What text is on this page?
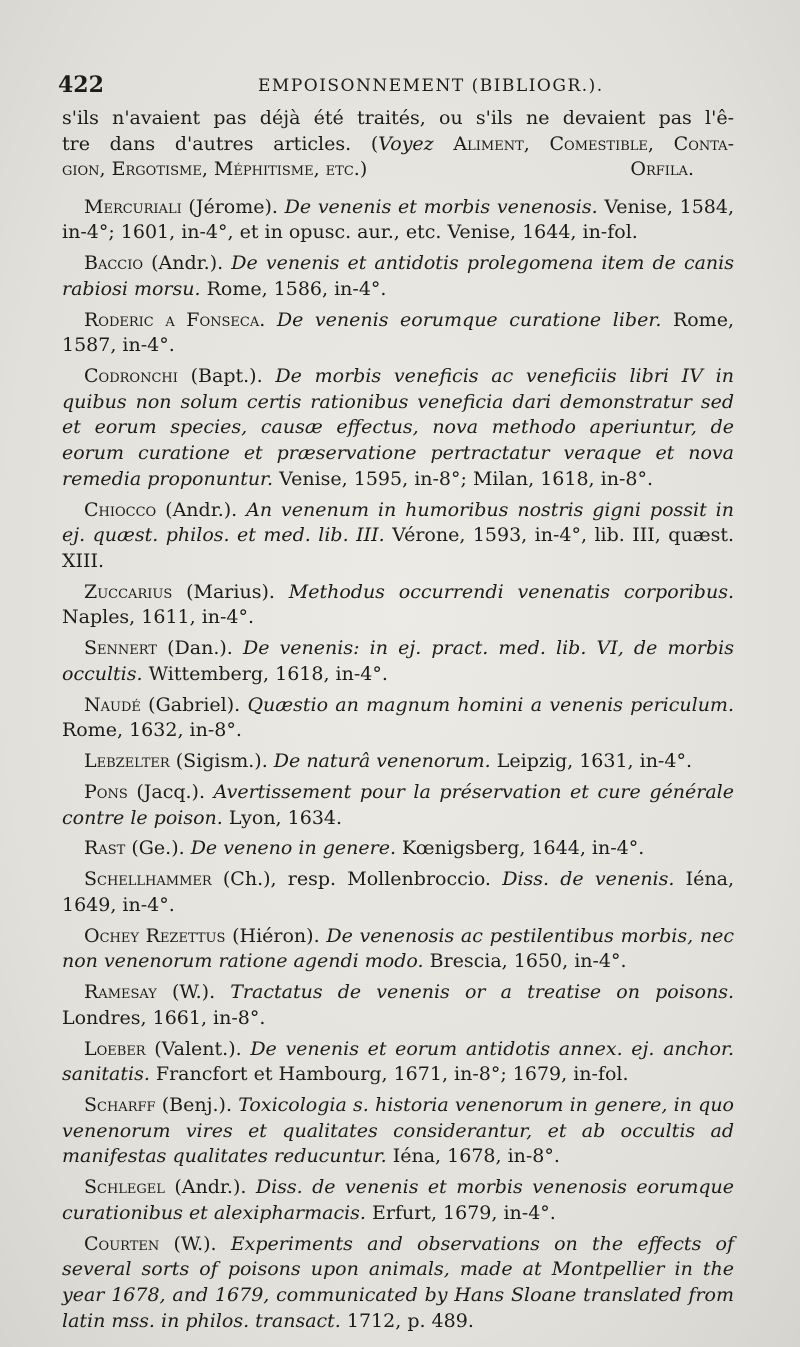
422	EMPOISONNEMENT (BIBLIOGR.).

s'ils n'avaient pas déjà été traités, ou s'ils ne devaient pas l'ê-

tre dans d'autres articles. (Voyez Aliment, Comestible, Conta-

gion, Ergotisme, Méphitisme, etc.)	Orfila.

Mercuriali (Jérome). De venenis et morbis venenosis. Venise, 1584, in-4°; 1601, in-4°, et in opusc. aur., etc. Venise, 1644, in-fol.

Baccio (Andr.). De venenis et antidotis prolegomena item de canis rabiosi morsu. Rome, 1586, in-4°.

Roderic a Fonseca. De venenis eorumque curatione liber. Rome, 1587, in-4°.

Codronchi (Bapt.). De morbis veneficis ac veneficiis libri IV in quibus non solum certis rationibus veneficia dari demonstratur sed et eorum species, causæ effectus, nova methodo aperiuntur, de eorum curatione et præservatione pertractatur veraque et nova remedia proponuntur. Venise, 1595, in-8°; Milan, 1618, in-8°.

Chiocco (Andr.). An venenum in humoribus nostris gigni possit in ej. quæst. philos. et med. lib. III. Vérone, 1593, in-4°, lib. III, quæst. XIII.

Zuccarius (Marius). Methodus occurrendi venenatis corporibus. Naples, 1611, in-4°.

Sennert (Dan.). De venenis: in ej. pract. med. lib. VI, de morbis occultis. Wittemberg, 1618, in-4°.

Naudé (Gabriel). Quæstio an magnum homini a venenis periculum. Rome, 1632, in-8°.

Lebzelter (Sigism.). De naturâ venenorum. Leipzig, 1631, in-4°.

Pons (Jacq.). Avertissement pour la préservation et cure générale contre le poison. Lyon, 1634.

Rast (Ge.). De veneno in genere. Kœnigsberg, 1644, in-4°.

Schellhammer (Ch.), resp. Mollenbroccio. Diss. de venenis. Iéna, 1649, in-4°.

Ochey Rezettus (Hiéron). De venenosis ac pestilentibus morbis, nec non venenorum ratione agendi modo. Brescia, 1650, in-4°.

Ramesay (W.). Tractatus de venenis or a treatise on poisons. Londres, 1661, in-8°.

Loeber (Valent.). De venenis et eorum antidotis annex. ej. anchor. sanitatis. Francfort et Hambourg, 1671, in-8°; 1679, in-fol.

Scharff (Benj.). Toxicologia s. historia venenorum in genere, in quo venenorum vires et qualitates considerantur, et ab occultis ad manifestas qualitates reducuntur. Iéna, 1678, in-8°.

Schlegel (Andr.). Diss. de venenis et morbis venenosis eorumque curationibus et alexipharmacis. Erfurt, 1679, in-4°.

Courten (W.). Experiments and observations on the effects of several sorts of poisons upon animals, made at Montpellier in the year 1678, and 1679, communicated by Hans Sloane translated from latin mss. in philos. transact. 1712, p. 489.
